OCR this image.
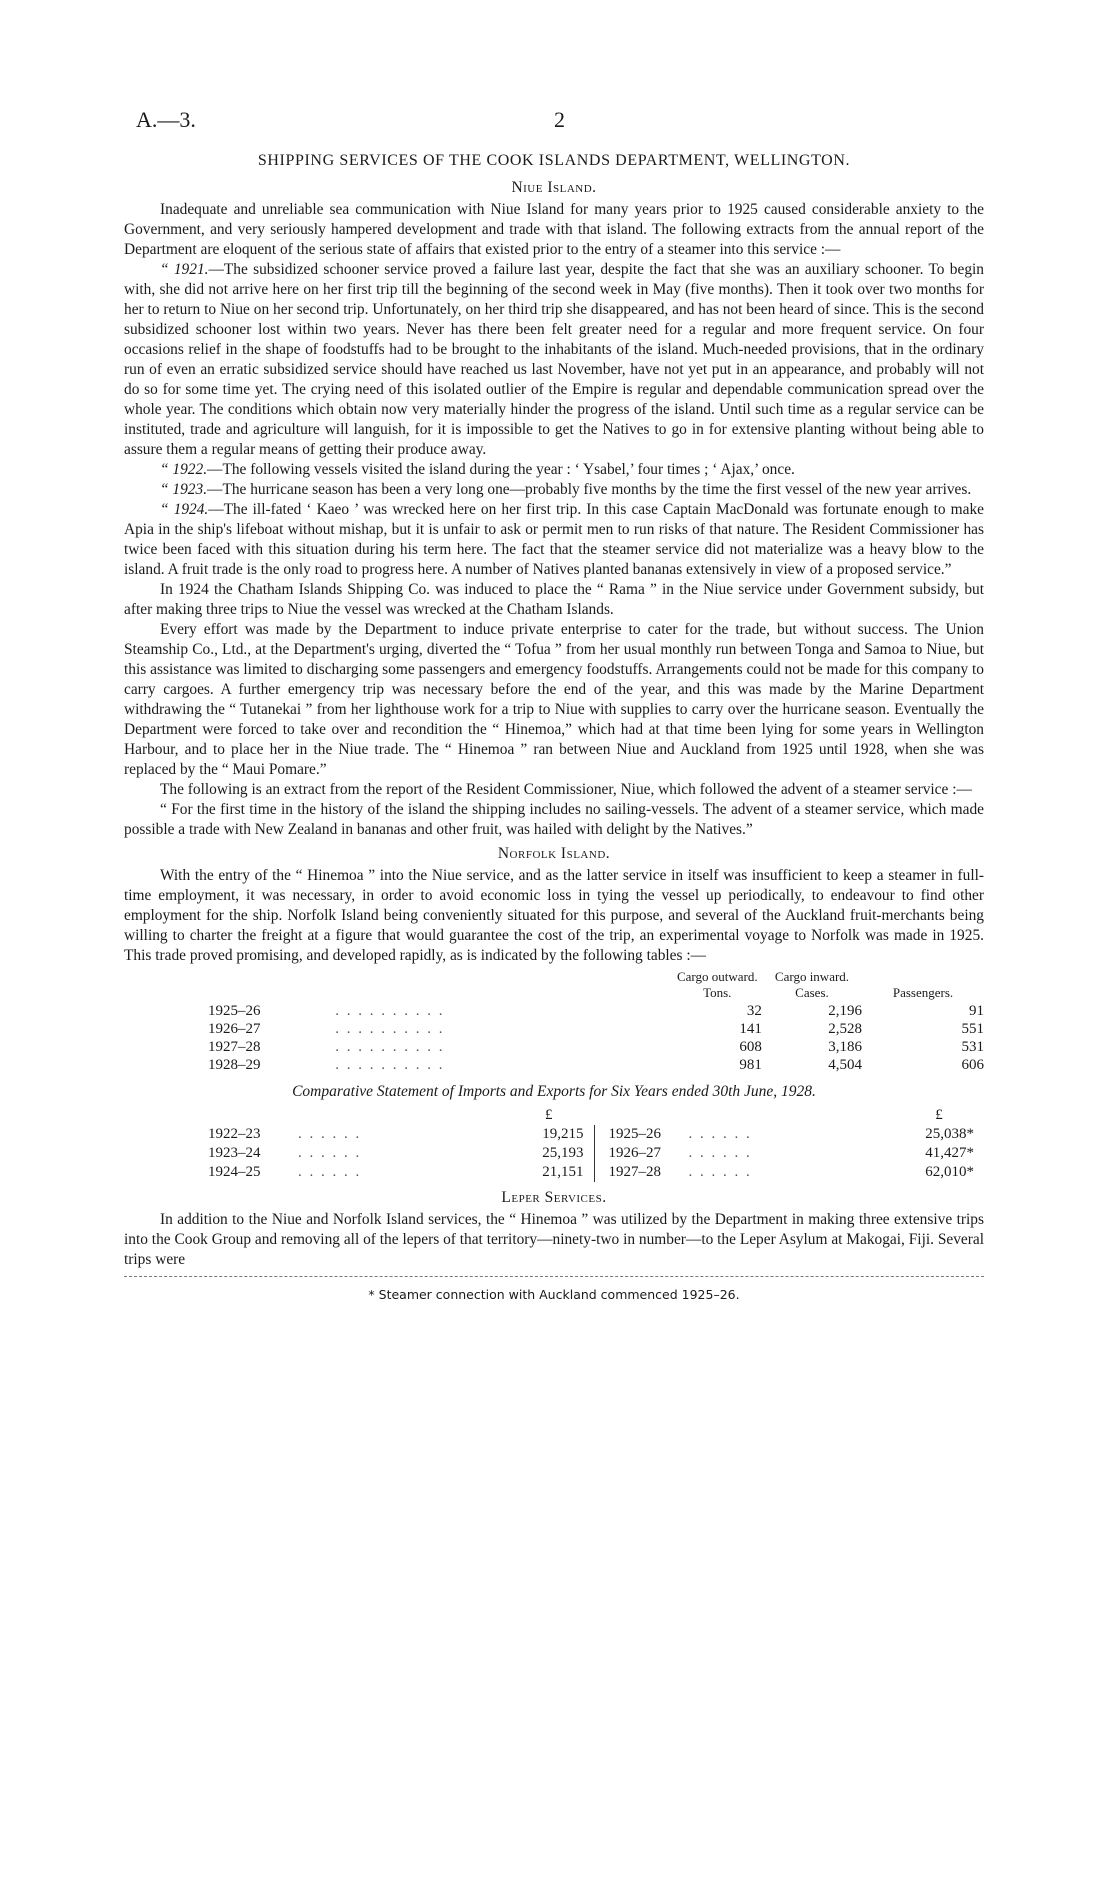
A.—3.	2
SHIPPING SERVICES OF THE COOK ISLANDS DEPARTMENT, WELLINGTON.
Niue Island.

Inadequate and unreliable sea communication with Niue Island for many years prior to 1925 caused considerable anxiety to the Government, and very seriously hampered development and trade with that island. The following extracts from the annual report of the Department are eloquent of the serious state of affairs that existed prior to the entry of a steamer into this service :—

“ 1921.—The subsidized schooner service proved a failure last year, despite the fact that she was an auxiliary schooner. To begin with, she did not arrive here on her first trip till the beginning of the second week in May (five months). Then it took over two months for her to return to Niue on her second trip. Unfortunately, on her third trip she disappeared, and has not been heard of since. This is the second subsidized schooner lost within two years. Never has there been felt greater need for a regular and more frequent service. On four occasions relief in the shape of foodstuffs had to be brought to the inhabitants of the island. Much-needed provisions, that in the ordinary run of even an erratic subsidized service should have reached us last November, have not yet put in an appearance, and probably will not do so for some time yet. The crying need of this isolated outlier of the Empire is regular and dependable communication spread over the whole year. The conditions which obtain now very materially hinder the progress of the island. Until such time as a regular service can be instituted, trade and agriculture will languish, for it is impossible to get the Natives to go in for extensive planting without being able to assure them a regular means of getting their produce away.

“ 1922.—The following vessels visited the island during the year : ‘ Ysabel,’ four times ; ‘ Ajax,’ once.

“ 1923.—The hurricane season has been a very long one—probably five months by the time the first vessel of the new year arrives.

“ 1924.—The ill-fated ‘ Kaeo ’ was wrecked here on her first trip. In this case Captain MacDonald was fortunate enough to make Apia in the ship's lifeboat without mishap, but it is unfair to ask or permit men to run risks of that nature. The Resident Commissioner has twice been faced with this situation during his term here. The fact that the steamer service did not materialize was a heavy blow to the island. A fruit trade is the only road to progress here. A number of Natives planted bananas extensively in view of a proposed service.”

In 1924 the Chatham Islands Shipping Co. was induced to place the “ Rama ” in the Niue service under Government subsidy, but after making three trips to Niue the vessel was wrecked at the Chatham Islands.

Every effort was made by the Department to induce private enterprise to cater for the trade, but without success. The Union Steamship Co., Ltd., at the Department's urging, diverted the “ Tofua ” from her usual monthly run between Tonga and Samoa to Niue, but this assistance was limited to discharging some passengers and emergency foodstuffs. Arrangements could not be made for this company to carry cargoes. A further emergency trip was necessary before the end of the year, and this was made by the Marine Department withdrawing the “ Tutanekai ” from her lighthouse work for a trip to Niue with supplies to carry over the hurricane season. Eventually the Department were forced to take over and recondition the “ Hinemoa,” which had at that time been lying for some years in Wellington Harbour, and to place her in the Niue trade. The “ Hinemoa ” ran between Niue and Auckland from 1925 until 1928, when she was replaced by the “ Maui Pomare.”

The following is an extract from the report of the Resident Commissioner, Niue, which followed the advent of a steamer service :—

“ For the first time in the history of the island the shipping includes no sailing-vessels. The advent of a steamer service, which made possible a trade with New Zealand in bananas and other fruit, was hailed with delight by the Natives.”

Norfolk Island.

With the entry of the “ Hinemoa ” into the Niue service, and as the latter service in itself was insufficient to keep a steamer in full-time employment, it was necessary, in order to avoid economic loss in tying the vessel up periodically, to endeavour to find other employment for the ship. Norfolk Island being conveniently situated for this purpose, and several of the Auckland fruit-merchants being willing to charter the freight at a figure that would guarantee the cost of the trip, an experimental voyage to Norfolk was made in 1925. This trade proved promising, and developed rapidly, as is indicated by the following tables :—

		Cargo outward. Tons.	Cargo inward. Cases.	Passengers.
1925–26	. . . . . . . . . .	32	2,196	91
1926–27	. . . . . . . . . .	141	2,528	551
1927–28	. . . . . . . . . .	608	3,186	531
1928–29	. . . . . . . . . .	981	4,504	606
Comparative Statement of Imports and Exports for Six Years ended 30th June, 1928.
		£			£
1922–23	. . . . . .	19,215	1925–26	. . . . . .	25,038*
1923–24	. . . . . .	25,193	1926–27	. . . . . .	41,427*
1924–25	. . . . . .	21,151	1927–28	. . . . . .	62,010*
Leper Services.

In addition to the Niue and Norfolk Island services, the “ Hinemoa ” was utilized by the Department in making three extensive trips into the Cook Group and removing all of the lepers of that territory—ninety-two in number—to the Leper Asylum at Makogai, Fiji. Several trips were

* Steamer connection with Auckland commenced 1925–26.
